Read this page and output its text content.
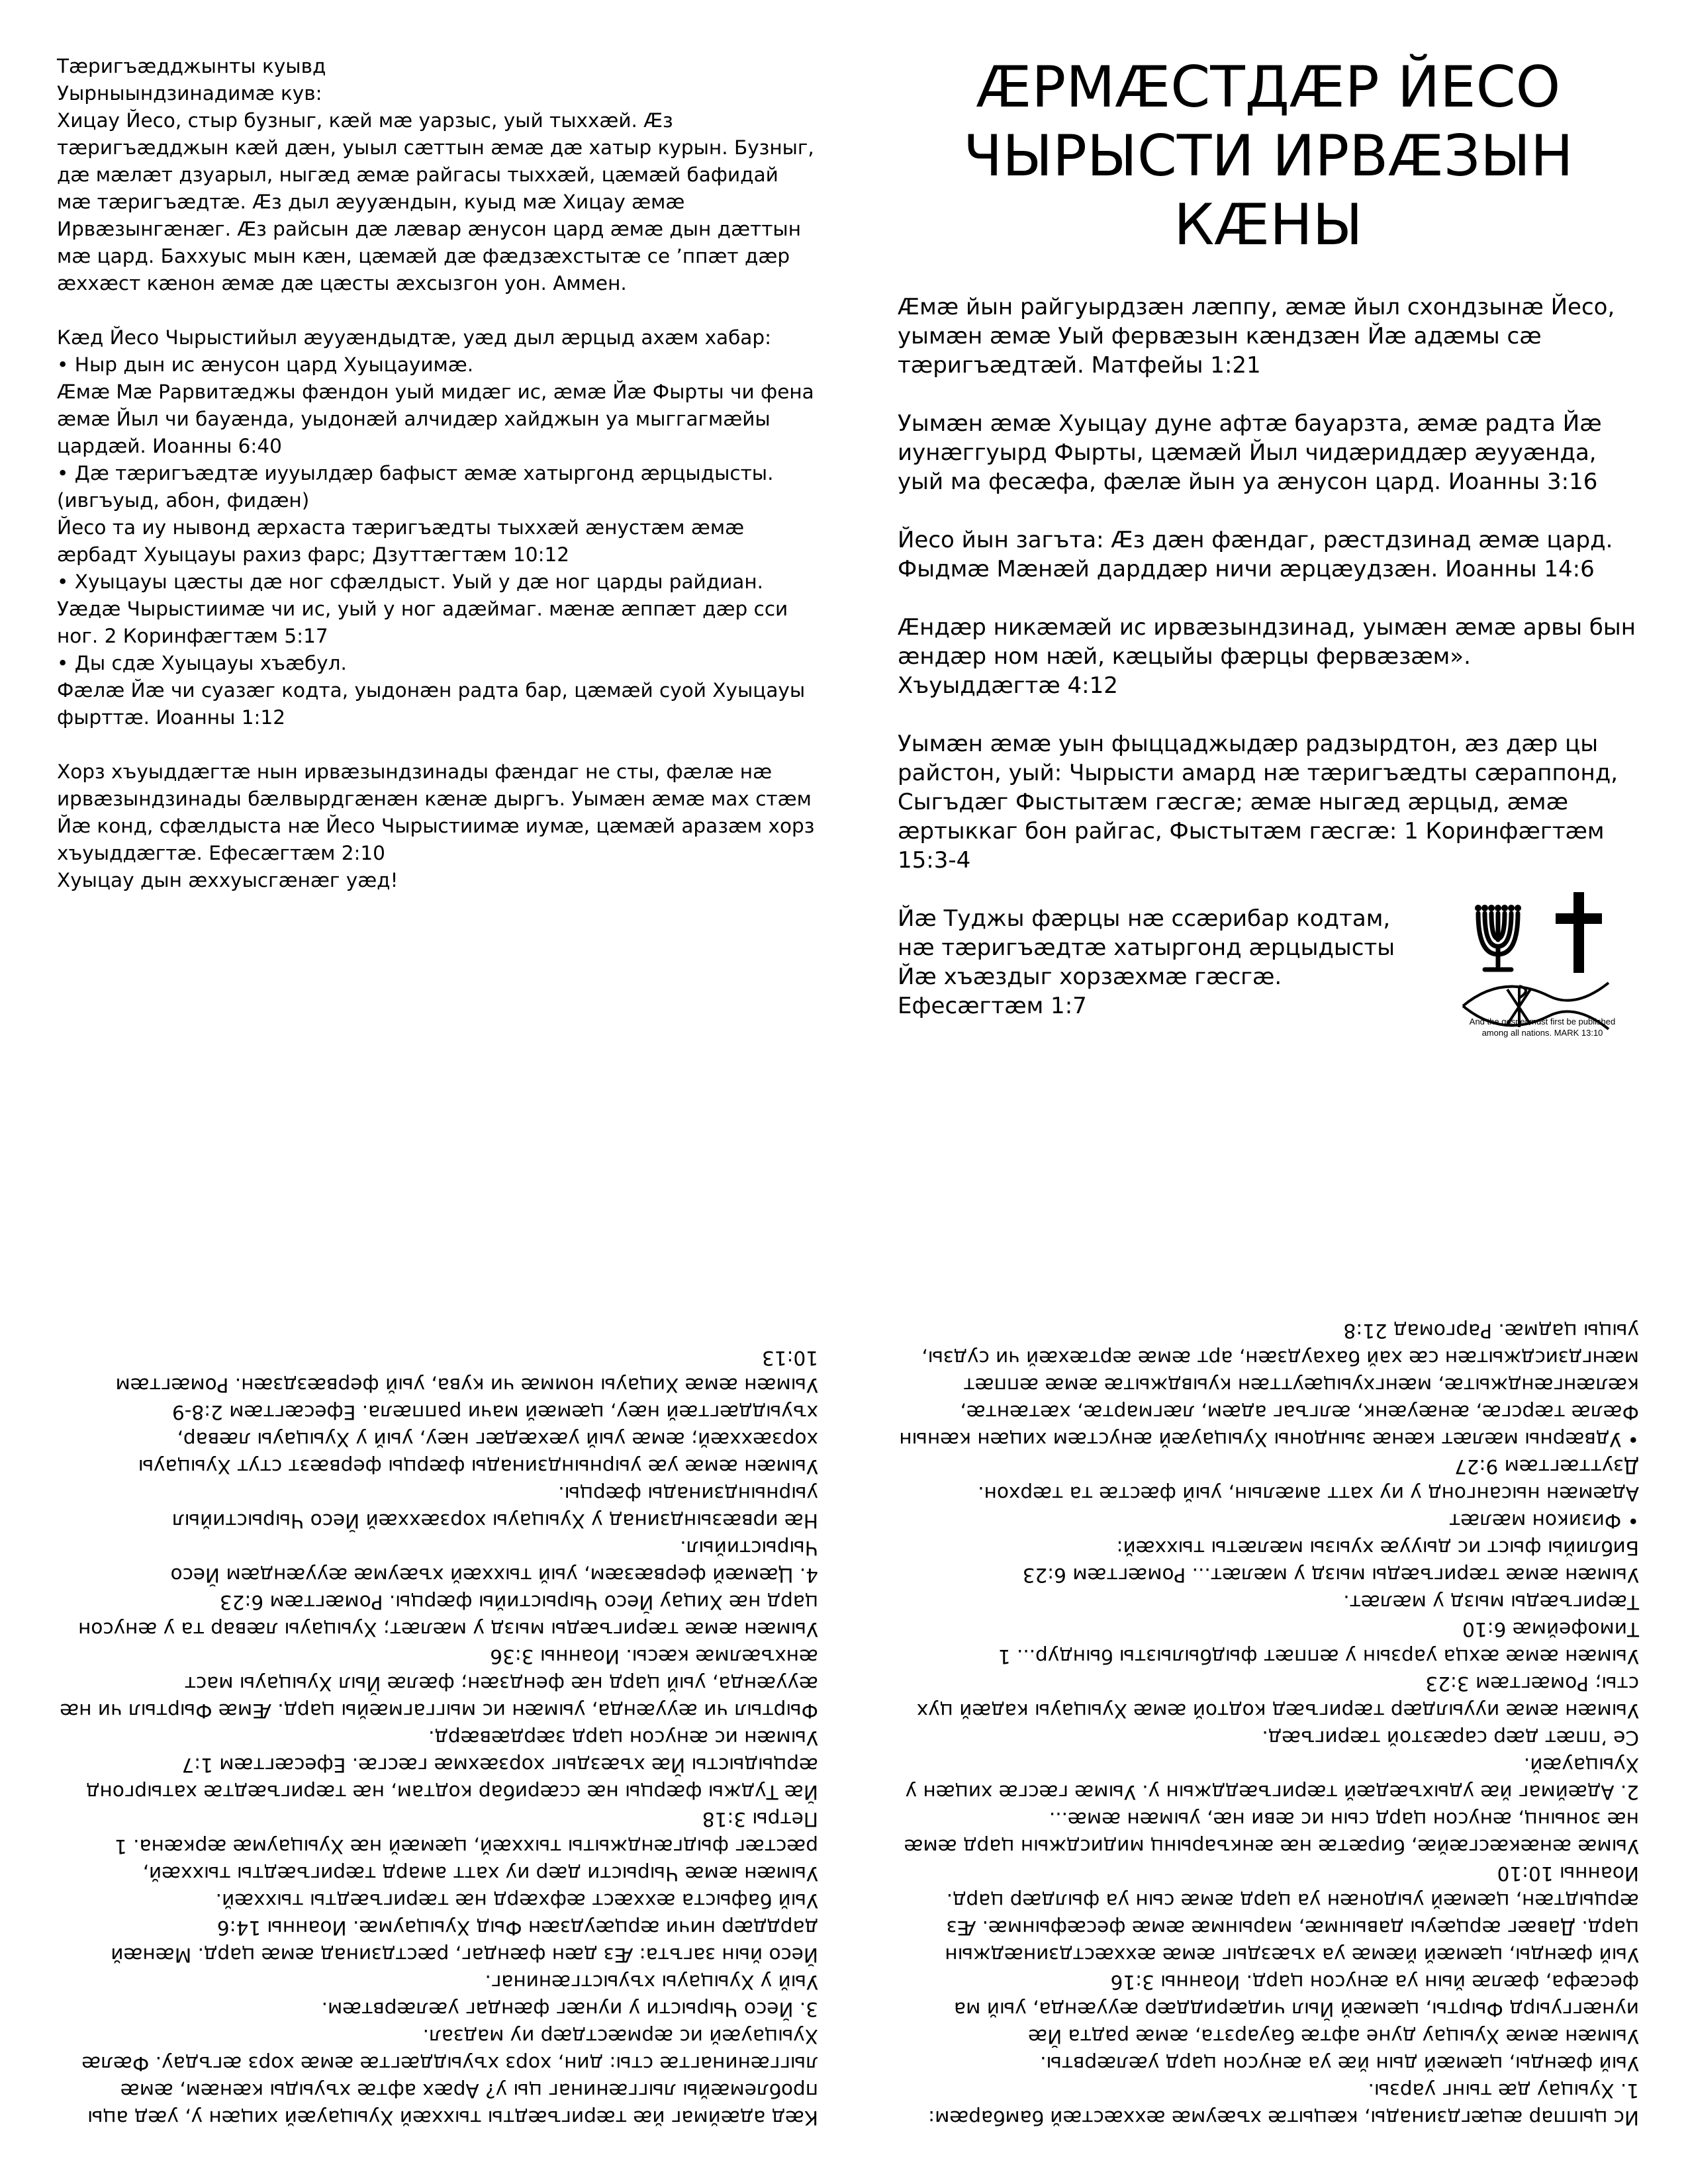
Тæригъæдджынты куывд

Уырныындзинадимæ кув:

Хицау Йесо, стыр бузныг, кæй мæ уарзыс, уый тыххæй. Æз тæригъæдджын кæй дæн, уыыл сæттын æмæ дæ хатыр курын. Бузныг, дæ мæлæт дзуарыл, ныгæд æмæ райгасы тыххæй, цæмæй бафидай мæ тæригъæдтæ. Æз дыл æууæндын, куыд мæ Хицау æмæ Ирвæзынгæнæг. Æз райсын дæ лæвар æнусон цард æмæ дын дæттын мæ цард. Баххуыс мын кæн, цæмæй дæ фæдзæхстытæ се ’ппæт дæр æххæст кæнон æмæ дæ цæсты æхсызгон уон. Аммен.

Кæд Йесо Чырыстийыл æууæндыдтæ, уæд дыл æрцыд ахæм хабар:

• Ныр дын ис æнусон цард Хуыцауимæ.

Æмæ Мæ Рарвитæджы фæндон уый мидæг ис, æмæ Йæ Фырты чи фена æмæ Йыл чи бауæнда, уыдонæй алчидæр хайджын уа мыггагмæйы цардæй. Иоанны 6:40

• Дæ тæригъæдтæ иууылдæр бафыст æмæ хатыргонд æрцыдысты.

(ивгъуыд, абон, фидæн)

Йесо та иу нывонд æрхаста тæригъæдты тыххæй æнустæм æмæ æрбадт Хуыцауы рахиз фарс; Дзуттæгтæм 10:12

• Хуыцауы цæсты дæ ног сфæлдыст. Уый у дæ ног царды райдиан.

Уæдæ Чырыстиимæ чи ис, уый у ног адæймаг. мæнæ æппæт дæр сси ног. 2 Коринфæгтæм 5:17

• Ды сдæ Хуыцауы хъæбул.

Фæлæ Йæ чи суазæг кодта, уыдонæн радта бар, цæмæй суой Хуыцауы фырттæ. Иоанны 1:12

Хорз хъуыддæгтæ нын ирвæзындзинады фæндаг не сты, фæлæ нæ ирвæзындзинады бæлвырдгæнæн кæнæ дыргъ. Уымæн æмæ мах стæм Йæ конд, сфæлдыста нæ Йесо Чырыстиимæ иумæ, цæмæй аразæм хорз хъуыддæгтæ. Ефесæгтæм 2:10

Хуыцау дын æххуысгæнæг уæд!

ÆРМÆСТДÆР ЙЕСО
ЧЫРЫСТИ ИРВÆЗЫН КÆНЫ

Æмæ йын райгуырдзæн лæппу, æмæ йыл схондзынæ Йесо, уымæн æмæ Уый фервæзын кæндзæн Йæ адæмы сæ тæригъæдтæй. Матфейы 1:21

Уымæн æмæ Хуыцау дуне афтæ бауарзта, æмæ радта Йæ иунæггуырд Фырты, цæмæй Йыл чидæриддæр æууæнда, уый ма фесæфа, фæлæ йын уа æнусон цард. Иоанны 3:16

Йесо йын загъта: Æз дæн фæндаг, рæстдзинад æмæ цард. Фыдмæ Мæнæй дарддæр ничи æрцæудзæн. Иоанны 14:6

Æндæр никæмæй ис ирвæзындзинад, уымæн æмæ арвы бын æндæр ном нæй, кæцыйы фæрцы фервæзæм». Хъуыддæгтæ 4:12

Уымæн æмæ уын фыццаджыдæр радзырдтон, æз дæр цы райстон, уый: Чырысти амард нæ тæригъæдты сæраппонд, Сыгъдæг Фыстытæм гæсгæ; æмæ ныгæд æрцыд, æмæ æртыккаг бон райгас, Фыстытæм гæсгæ: 1 Коринфæгтæм 15:3-4

Йæ Туджы фæрцы нæ ссæрибар кодтам,

нæ тæригъæдтæ хатыргонд æрцыдысты

Йæ хъæздыг хорзæхмæ гæсгæ.

Ефесæгтæм 1:7

And the gospel must first be published
among all nations. MARK 13:10

Кæд адæймаг йæ тæригъæдты тыххæй Хуыцауæй хицæн у, уæд ацы проблемæйы лыггæнинаг цы у? Арæх афтæ хъуыды кæнæм, æмæ лыггæнинагтæ сты: дин, хорз хъуыддæгтæ æмæ хорз æгъдау. Фæлæ Хуыцауæй ис æрмæстдæр иу мадзал.

3. Йесо Чырысти у иунæг фæндаг уæлæрвтæм.

Уый у Хуыцауы хъуыстгæнинаг.

Йесо йын загъта: Æз дæн фæндаг, рæстдзинад æмæ цард. Мæнæй дарддæр ничи æрцæудзæн Фыд Хуыцаумæ. Иоанны 14:6

Уый бафыста æххæст æфхæрд нæ тæригъæдты тыххæй.

Уымæн æмæ Чырысти дæр иу хатт амард тæригъæдты тыххæй, рæстæг фыдгæнджыты тыххæй, цæмæй нæ Хуыцаумæ æркæна. 1 Петры 3:18

Йæ Туджы фæрцы нæ ссæрибар кодтам, нæ тæригъæдтæ хатыргонд æрцыдысты Йæ хъæздыг хорзæхмæ гæсгæ. Ефесæгтæм 1:7

Уымæн ис æнусон цард зæрдæвæрд.

Фыртыл чи æууæнда, уымæн ис мыггагмæйы цард. Æмæ Фыртыл чи нæ æууæнда, уый цард нæ фендзæн; фæлæ Йыл Хуыцауы маст æнхъæлмæ кæсы. Иоанны 3:36

Уымæн æмæ тæригъæды мызд у мæлæт; Хуыцауы лæвар та у æнусон цард нæ Хицау Йесо Чырыстийы фæрцы. Ромæгтæм 6:23

4. Цæмæй фервæзæм, уый тыххæй хъæумæ æууæндæм Йесо Чырыстийыл.

Нæ ирвæзындзинад у Хуыцауы хорзæххæй Йесо Чырыстийыл уырнындзинады фæрцы.

Уымæн æмæ уæ уырнындзинады фæрцы фервæзт стут Хуыцауы хорзæххæй; æмæ уый уæхæдæг нæу, уый у Хуыцауы лæвар, хъуыддæгтæй нæу, цæмæй мачи раппæла. Ефесæгтæм 2:8-9

Уымæн æмæ Хицауы номмæ чи кува, уый фервæздзæн. Ромæгтæм 10:13

Ис цыппар æцæгдзинады, кæцытæ хъæумæ æххæстæй бамбарæм:

1. Хуыцау дæ тынг уарзы.

Уый фæнды, цæмæй дын йæ уа æнусон цард уæлæрвты.

Уымæн æмæ Хуыцау дуне афтæ бауарзта, æмæ радта Йæ иунæггуырд Фырты, цæмæй Йыл чидæриддæр æууæнда, уый ма фесæфа, фæлæ йын уа æнусон цард. Иоанны 3:16

Уый фæнды, цæмæй йæмæ уа хъæздыг æмæ æххæстдзинæджын цард. Давæг æрцæуы давынмæ, марынмæ æмæ фесæфынмæ. Æз æрцыдтæн, цæмæй уыдонæн уа цард æмæ сын уа фылдæр цард. Иоанны 10:10

Уымæ æнæкæсгæйæ, бирæтæ нæ æнкъарынц мидисджын цард æмæ нæ зонынц, æнусон цард сын ис æви нæ, уымæн æмæ...

2. Адæймаг йæ удыхъæдæй тæригъæдджын у. Уымæ гæсгæ хицæн у Хуыцауæй.

Се ’ппæт дæр сарæзтой тæригъæд.

Уымæн æмæ иууылдæр тæригъæд кодтой æмæ Хуыцауы кадæй цух сты; Ромæгтæм 3:23

Уымæн æмæ æхца уарзын у æппæт фыдбылызты бындур... 1 Тимофеймæ 6:10

Тæригъæды мызд у мæлæт.

Уымæн æмæ тæригъæды мызд у мæлæт... Ромæгтæм 6:23

Библийы фыст ис дыууæ хуызы мæлæты тыххæй:

• Физикон мæлæт

Адæмæн нысангонд у иу хатт амæлын, уый фæстæ та тæрхон. Дзуттæгтæм 9:27

• Удвæрны мæлæт кæнæ зындоны Хуыцауæй æнустæм хицæн кæнын

Фæлæ тæрсгæ, æнæуæнк, æлгъаг адæм, лæгмартæ, хæтæнтæ, кæлæнгæнджытæ, мæнгхуыцæуттæн куывджытæ æмæ æппæт мæнгдзисджытæн сæ хай бахаудзæн, арт æмæ æртæхæй чи судзы, уыцы цадмæ. Раргомад 21:8
